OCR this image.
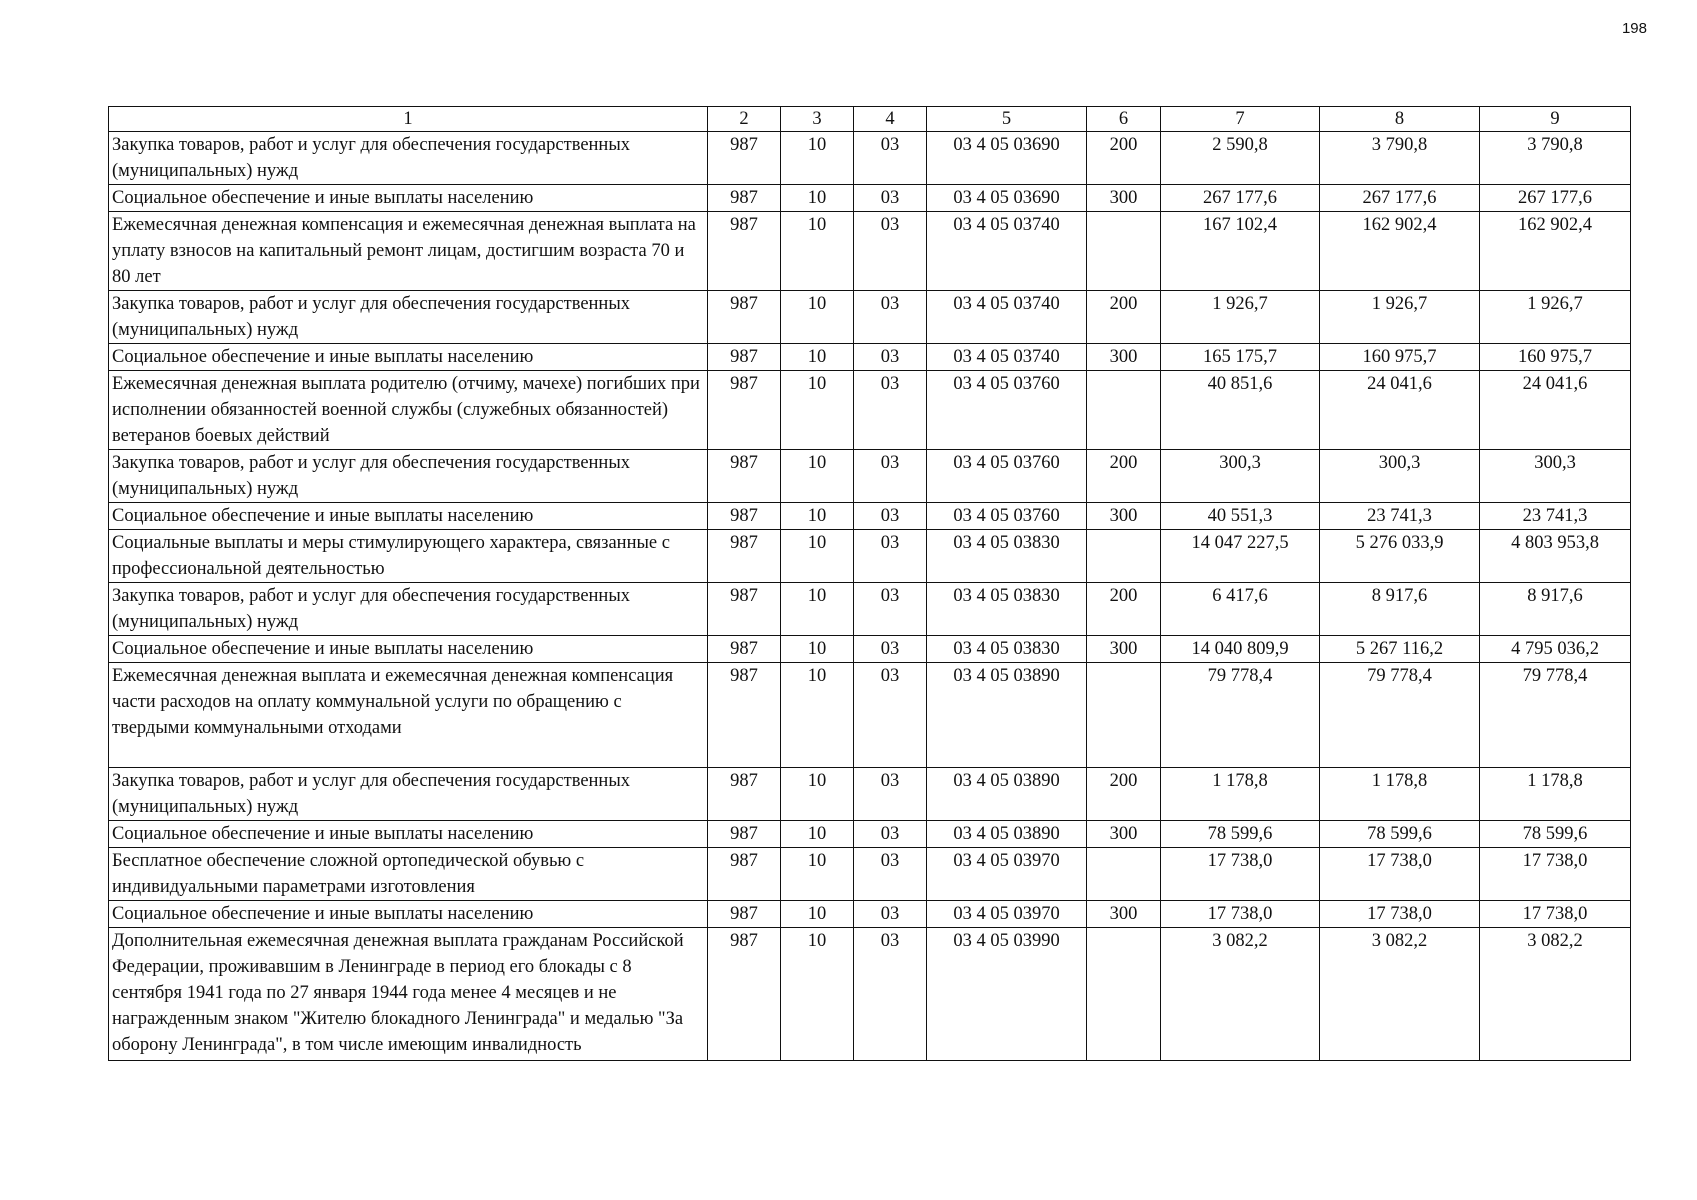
198
1	2	3	4	5	6	7	8	9
Закупка товаров, работ и услуг для обеспечения государственных (муниципальных) нужд	987	10	03	03 4 05 03690	200	2 590,8	3 790,8	3 790,8
Социальное обеспечение и иные выплаты населению	987	10	03	03 4 05 03690	300	267 177,6	267 177,6	267 177,6
Ежемесячная денежная компенсация и ежемесячная денежная выплата на уплату взносов на капитальный ремонт лицам, достигшим возраста 70 и 80 лет	987	10	03	03 4 05 03740		167 102,4	162 902,4	162 902,4
Закупка товаров, работ и услуг для обеспечения государственных (муниципальных) нужд	987	10	03	03 4 05 03740	200	1 926,7	1 926,7	1 926,7
Социальное обеспечение и иные выплаты населению	987	10	03	03 4 05 03740	300	165 175,7	160 975,7	160 975,7
Ежемесячная денежная выплата родителю (отчиму, мачехе) погибших при исполнении обязанностей военной службы (служебных обязанностей) ветеранов боевых действий	987	10	03	03 4 05 03760		40 851,6	24 041,6	24 041,6
Закупка товаров, работ и услуг для обеспечения государственных (муниципальных) нужд	987	10	03	03 4 05 03760	200	300,3	300,3	300,3
Социальное обеспечение и иные выплаты населению	987	10	03	03 4 05 03760	300	40 551,3	23 741,3	23 741,3
Социальные выплаты и меры стимулирующего характера, связанные с профессиональной деятельностью	987	10	03	03 4 05 03830		14 047 227,5	5 276 033,9	4 803 953,8
Закупка товаров, работ и услуг для обеспечения государственных (муниципальных) нужд	987	10	03	03 4 05 03830	200	6 417,6	8 917,6	8 917,6
Социальное обеспечение и иные выплаты населению	987	10	03	03 4 05 03830	300	14 040 809,9	5 267 116,2	4 795 036,2
Ежемесячная денежная выплата и ежемесячная денежная компенсация части расходов на оплату коммунальной услуги по обращению с твердыми коммунальными отходами	987	10	03	03 4 05 03890		79 778,4	79 778,4	79 778,4
Закупка товаров, работ и услуг для обеспечения государственных (муниципальных) нужд	987	10	03	03 4 05 03890	200	1 178,8	1 178,8	1 178,8
Социальное обеспечение и иные выплаты населению	987	10	03	03 4 05 03890	300	78 599,6	78 599,6	78 599,6
Бесплатное обеспечение сложной ортопедической обувью с индивидуальными параметрами изготовления	987	10	03	03 4 05 03970		17 738,0	17 738,0	17 738,0
Социальное обеспечение и иные выплаты населению	987	10	03	03 4 05 03970	300	17 738,0	17 738,0	17 738,0
Дополнительная ежемесячная денежная выплата гражданам Российской Федерации, проживавшим в Ленинграде в период его блокады с 8 сентября 1941 года по 27 января 1944 года менее 4 месяцев и не награжденным знаком "Жителю блокадного Ленинграда" и медалью "За оборону Ленинграда", в том числе имеющим инвалидность	987	10	03	03 4 05 03990		3 082,2	3 082,2	3 082,2
